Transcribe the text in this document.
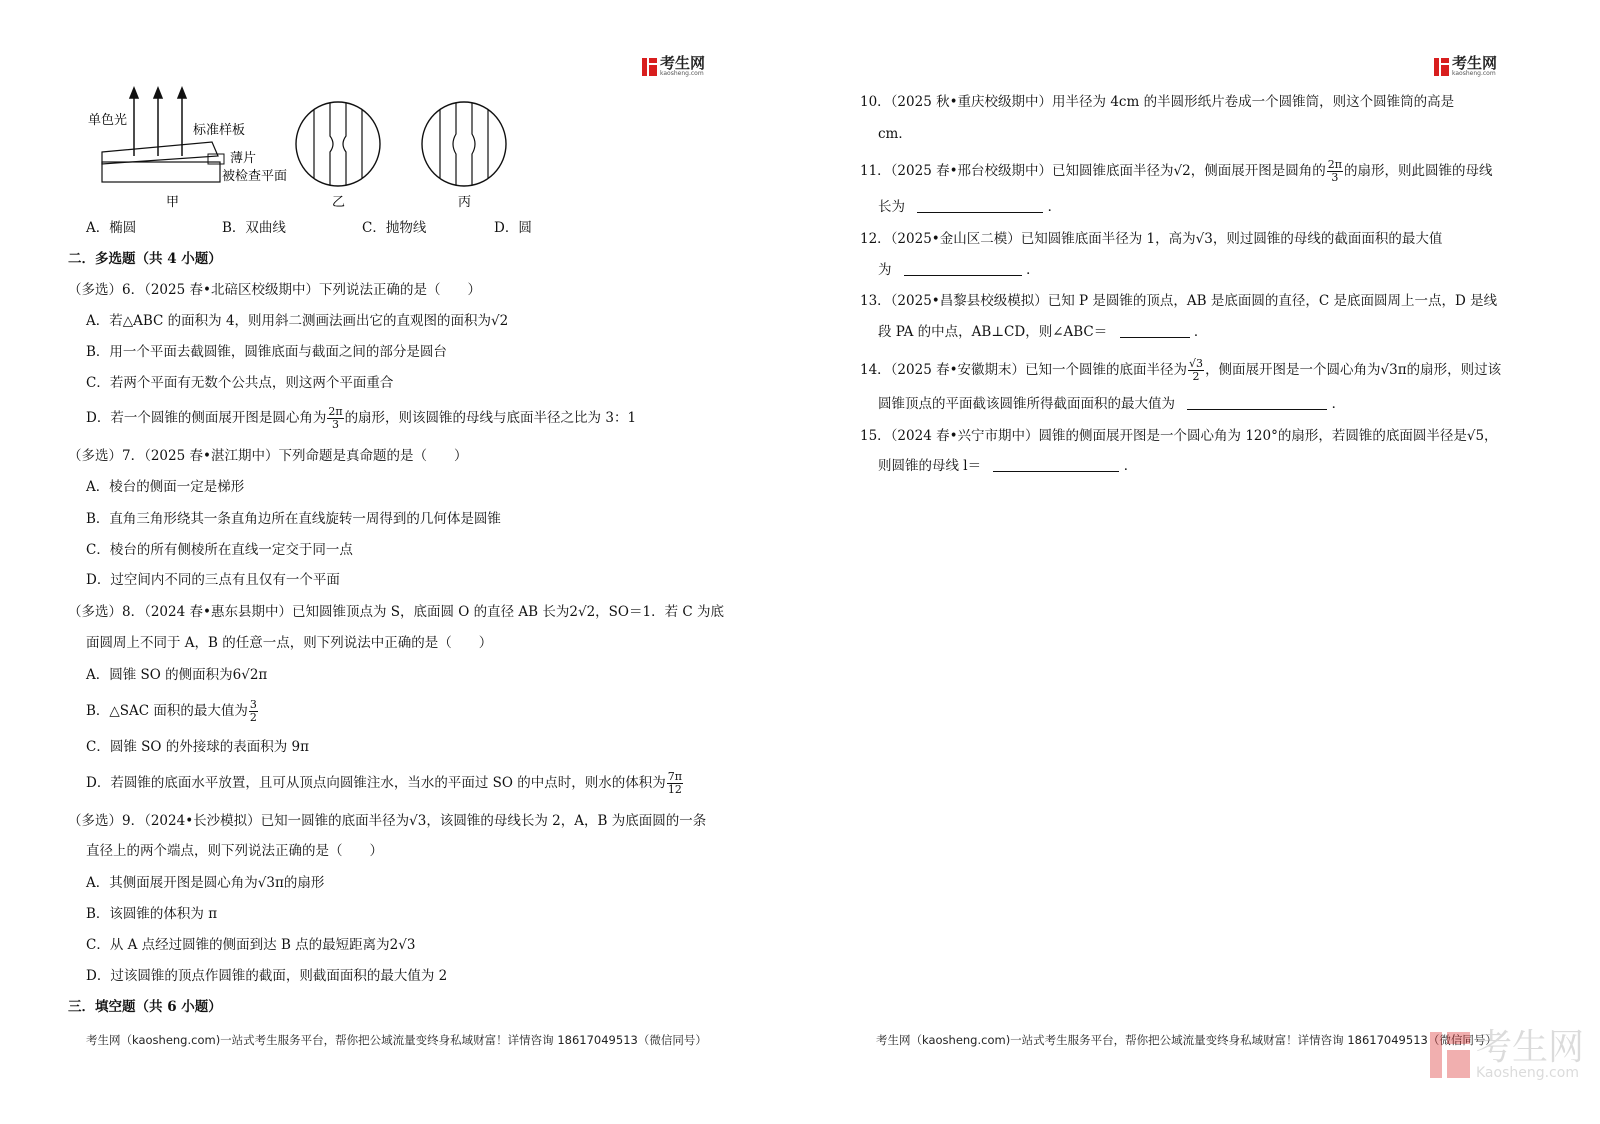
考生网
kaosheng.com
单色光
标准样板
薄片
被检查平面
甲	乙	丙
A．椭圆	B．双曲线	C．抛物线	D．圆
二．多选题（共 4 小题）
（多选）6．（2025 春•北碚区校级期中）下列说法正确的是（　　）
A．若△ABC 的面积为 4，则用斜二测画法画出它的直观图的面积为√2
B．用一个平面去截圆锥，圆锥底面与截面之间的部分是圆台
C．若两个平面有无数个公共点，则这两个平面重合
D．若一个圆锥的侧面展开图是圆心角为 $\frac{2\pi}{3}$ 的扇形，则该圆锥的母线与底面半径之比为 3：1
（多选）7．（2025 春•湛江期中）下列命题是真命题的是（　　）
A．棱台的侧面一定是梯形
B．直角三角形绕其一条直角边所在直线旋转一周得到的几何体是圆锥
C．棱台的所有侧棱所在直线一定交于同一点
D．过空间内不同的三点有且仅有一个平面
（多选）8．（2024 春•惠东县期中）已知圆锥顶点为 S，底面圆 O 的直径 AB 长为2√2，SO＝1．若 C 为底
面圆周上不同于 A，B 的任意一点，则下列说法中正确的是（　　）
A．圆锥 SO 的侧面积为6√2π
B．△SAC 面积的最大值为 $\frac{3}{2}$
C．圆锥 SO 的外接球的表面积为 9π
D．若圆锥的底面水平放置，且可从顶点向圆锥注水，当水的平面过 SO 的中点时，则水的体积为 $\frac{7\pi}{12}$
（多选）9．（2024•长沙模拟）已知一圆锥的底面半径为√3，该圆锥的母线长为 2，A，B 为底面圆的一条
直径上的两个端点，则下列说法正确的是（　　）
A．其侧面展开图是圆心角为√3π的扇形
B．该圆锥的体积为 π
C．从 A 点经过圆锥的侧面到达 B 点的最短距离为2√3
D．过该圆锥的顶点作圆锥的截面，则截面面积的最大值为 2
三．填空题（共 6 小题）
考生网（kaosheng.com)一站式考生服务平台，帮你把公域流量变终身私域财富！详情咨询 18617049513（微信同号）
考生网
kaosheng.com
10．（2025 秋•重庆校级期中）用半径为 4cm 的半圆形纸片卷成一个圆锥筒，则这个圆锥筒的高是
cm．
11．（2025 春•邢台校级期中）已知圆锥底面半径为√2，侧面展开图是圆角的 $\frac{2\pi}{3}$ 的扇形，则此圆锥的母线
长为	．
12．（2025•金山区二模）已知圆锥底面半径为 1，高为√3，则过圆锥的母线的截面面积的最大值
为	．
13．（2025•昌黎县校级模拟）已知 P 是圆锥的顶点，AB 是底面圆的直径，C 是底面圆周上一点，D 是线
段 PA 的中点，AB⊥CD，则∠ABC＝	．
14．（2025 春•安徽期末）已知一个圆锥的底面半径为 $\frac{√3}{2}$ ，侧面展开图是一个圆心角为√3π的扇形，则过该
圆锥顶点的平面截该圆锥所得截面面积的最大值为	．
15．（2024 春•兴宁市期中）圆锥的侧面展开图是一个圆心角为 120°的扇形，若圆锥的底面圆半径是√5，
则圆锥的母线 l＝	．
考生网（kaosheng.com)一站式考生服务平台，帮你把公域流量变终身私域财富！详情咨询 18617049513（微信同号）
考生网
Kaosheng.com
